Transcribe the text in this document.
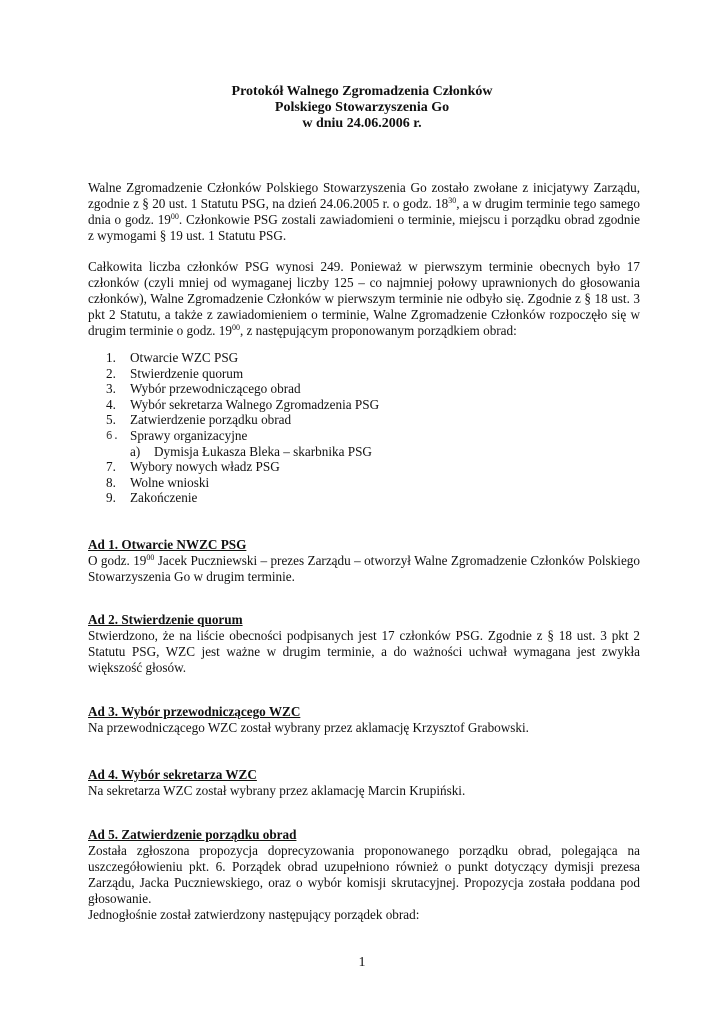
Protokół Walnego Zgromadzenia Członków
Polskiego Stowarzyszenia Go
w dniu 24.06.2006 r.

Walne Zgromadzenie Członków Polskiego Stowarzyszenia Go zostało zwołane z inicjatywy Zarządu, zgodnie z § 20 ust. 1 Statutu PSG, na dzień 24.06.2005 r. o godz. $18^{30}$, a w drugim terminie tego samego dnia o godz. $19^{00}$. Członkowie PSG zostali zawiadomieni o terminie, miejscu i porządku obrad zgodnie z wymogami § 19 ust. 1 Statutu PSG.

Całkowita liczba członków PSG wynosi 249. Ponieważ w pierwszym terminie obecnych było 17 członków (czyli mniej od wymaganej liczby 125 – co najmniej połowy uprawnionych do głosowania członków), Walne Zgromadzenie Członków w pierwszym terminie nie odbyło się. Zgodnie z § 18 ust. 3 pkt 2 Statutu, a także z zawiadomieniem o terminie, Walne Zgromadzenie Członków rozpoczęło się w drugim terminie o godz. $19^{00}$, z następującym proponowanym porządkiem obrad:

1. Otwarcie WZC PSG
2. Stwierdzenie quorum
3. Wybór przewodniczącego obrad
4. Wybór sekretarza Walnego Zgromadzenia PSG
5. Zatwierdzenie porządku obrad
6. Sprawy organizacyjne
a) Dymisja Łukasza Bleka – skarbnika PSG
7. Wybory nowych władz PSG
8. Wolne wnioski
9. Zakończenie
Ad 1. Otwarcie NWZC PSG

O godz. $19^{00}$ Jacek Puczniewski – prezes Zarządu – otworzył Walne Zgromadzenie Członków Polskiego Stowarzyszenia Go w drugim terminie.

Ad 2. Stwierdzenie quorum

Stwierdzono, że na liście obecności podpisanych jest 17 członków PSG. Zgodnie z § 18 ust. 3 pkt 2 Statutu PSG, WZC jest ważne w drugim terminie, a do ważności uchwał wymagana jest zwykła większość głosów.

Ad 3. Wybór przewodniczącego WZC

Na przewodniczącego WZC został wybrany przez aklamację Krzysztof Grabowski.

Ad 4. Wybór sekretarza WZC

Na sekretarza WZC został wybrany przez aklamację Marcin Krupiński.

Ad 5. Zatwierdzenie porządku obrad

Została zgłoszona propozycja doprecyzowania proponowanego porządku obrad, polegająca na uszczegółowieniu pkt. 6. Porządek obrad uzupełniono również o punkt dotyczący dymisji prezesa Zarządu, Jacka Puczniewskiego, oraz o wybór komisji skrutacyjnej. Propozycja została poddana pod głosowanie.

Jednogłośnie został zatwierdzony następujący porządek obrad:

1
